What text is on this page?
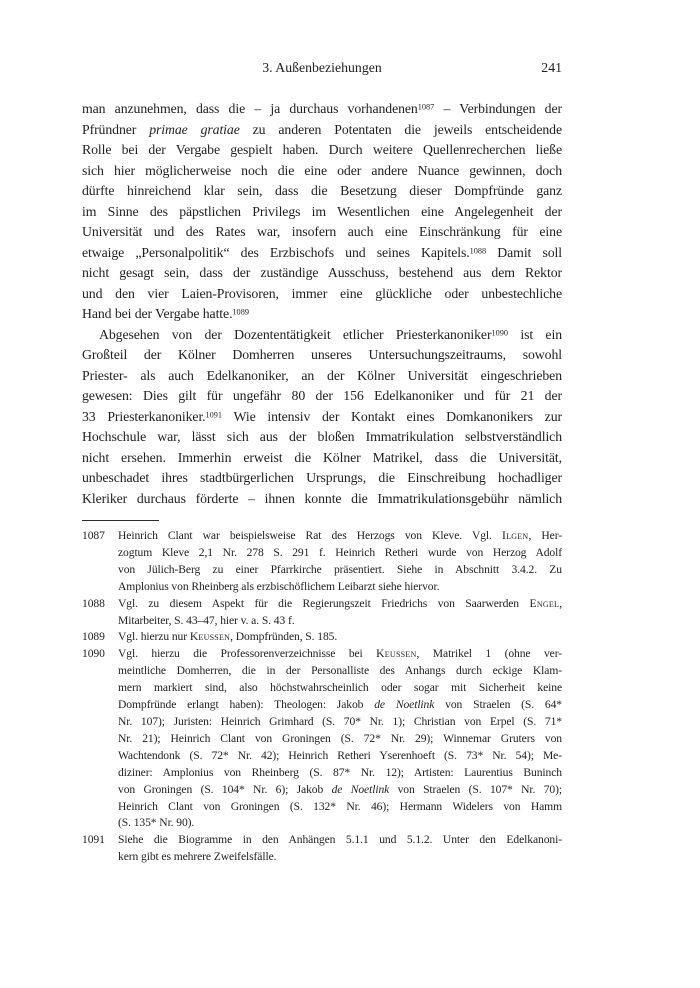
3. Außenbeziehungen	241
man anzunehmen, dass die – ja durchaus vorhandenen$^{1087}$ – Verbindungen der
Pfründner primae gratiae zu anderen Potentaten die jeweils entscheidende
Rolle bei der Vergabe gespielt haben. Durch weitere Quellenrecherchen ließe
sich hier möglicherweise noch die eine oder andere Nuance gewinnen, doch
dürfte hinreichend klar sein, dass die Besetzung dieser Dompfründe ganz
im Sinne des päpstlichen Privilegs im Wesentlichen eine Angelegenheit der
Universität und des Rates war, insofern auch eine Einschränkung für eine
etwaige „Personalpolitik“ des Erzbischofs und seines Kapitels.$^{1088}$ Damit soll
nicht gesagt sein, dass der zuständige Ausschuss, bestehend aus dem Rektor
und den vier Laien-Provisoren, immer eine glückliche oder unbestechliche
Hand bei der Vergabe hatte.$^{1089}$
Abgesehen von der Dozententätigkeit etlicher Priesterkanoniker$^{1090}$ ist ein
Großteil der Kölner Domherren unseres Untersuchungszeitraums, sowohl
Priester- als auch Edelkanoniker, an der Kölner Universität eingeschrieben
gewesen: Dies gilt für ungefähr 80 der 156 Edelkanoniker und für 21 der
33 Priesterkanoniker.$^{1091}$ Wie intensiv der Kontakt eines Domkanonikers zur
Hochschule war, lässt sich aus der bloßen Immatrikulation selbstverständlich
nicht ersehen. Immerhin erweist die Kölner Matrikel, dass die Universität,
unbeschadet ihres stadtbürgerlichen Ursprungs, die Einschreibung hochadliger
Kleriker durchaus förderte – ihnen konnte die Immatrikulationsgebühr nämlich
1087 Heinrich Clant war beispielsweise Rat des Herzogs von Kleve. Vgl. Ilgen, Her-
zogtum Kleve 2,1 Nr. 278 S. 291 f. Heinrich Retheri wurde von Herzog Adolf
von Jülich-Berg zu einer Pfarrkirche präsentiert. Siehe in Abschnitt 3.4.2. Zu
Amplonius von Rheinberg als erzbischöflichem Leibarzt siehe hiervor.
1088 Vgl. zu diesem Aspekt für die Regierungszeit Friedrichs von Saarwerden Engel,
Mitarbeiter, S. 43–47, hier v. a. S. 43 f.
1089 Vgl. hierzu nur Keussen, Dompfründen, S. 185.
1090 Vgl. hierzu die Professorenverzeichnisse bei Keussen, Matrikel 1 (ohne ver-
meintliche Domherren, die in der Personalliste des Anhangs durch eckige Klam-
mern markiert sind, also höchstwahrscheinlich oder sogar mit Sicherheit keine
Dompfründe erlangt haben): Theologen: Jakob de Noetlink von Straelen (S. 64*
Nr. 107); Juristen: Heinrich Grimhard (S. 70* Nr. 1); Christian von Erpel (S. 71*
Nr. 21); Heinrich Clant von Groningen (S. 72* Nr. 29); Winnemar Gruters von
Wachtendonk (S. 72* Nr. 42); Heinrich Retheri Yserenhoeft (S. 73* Nr. 54); Me-
diziner: Amplonius von Rheinberg (S. 87* Nr. 12); Artisten: Laurentius Buninch
von Groningen (S. 104* Nr. 6); Jakob de Noetlink von Straelen (S. 107* Nr. 70);
Heinrich Clant von Groningen (S. 132* Nr. 46); Hermann Widelers von Hamm
(S. 135* Nr. 90).
1091 Siehe die Biogramme in den Anhängen 5.1.1 und 5.1.2. Unter den Edelkanoni-
kern gibt es mehrere Zweifelsfälle.
